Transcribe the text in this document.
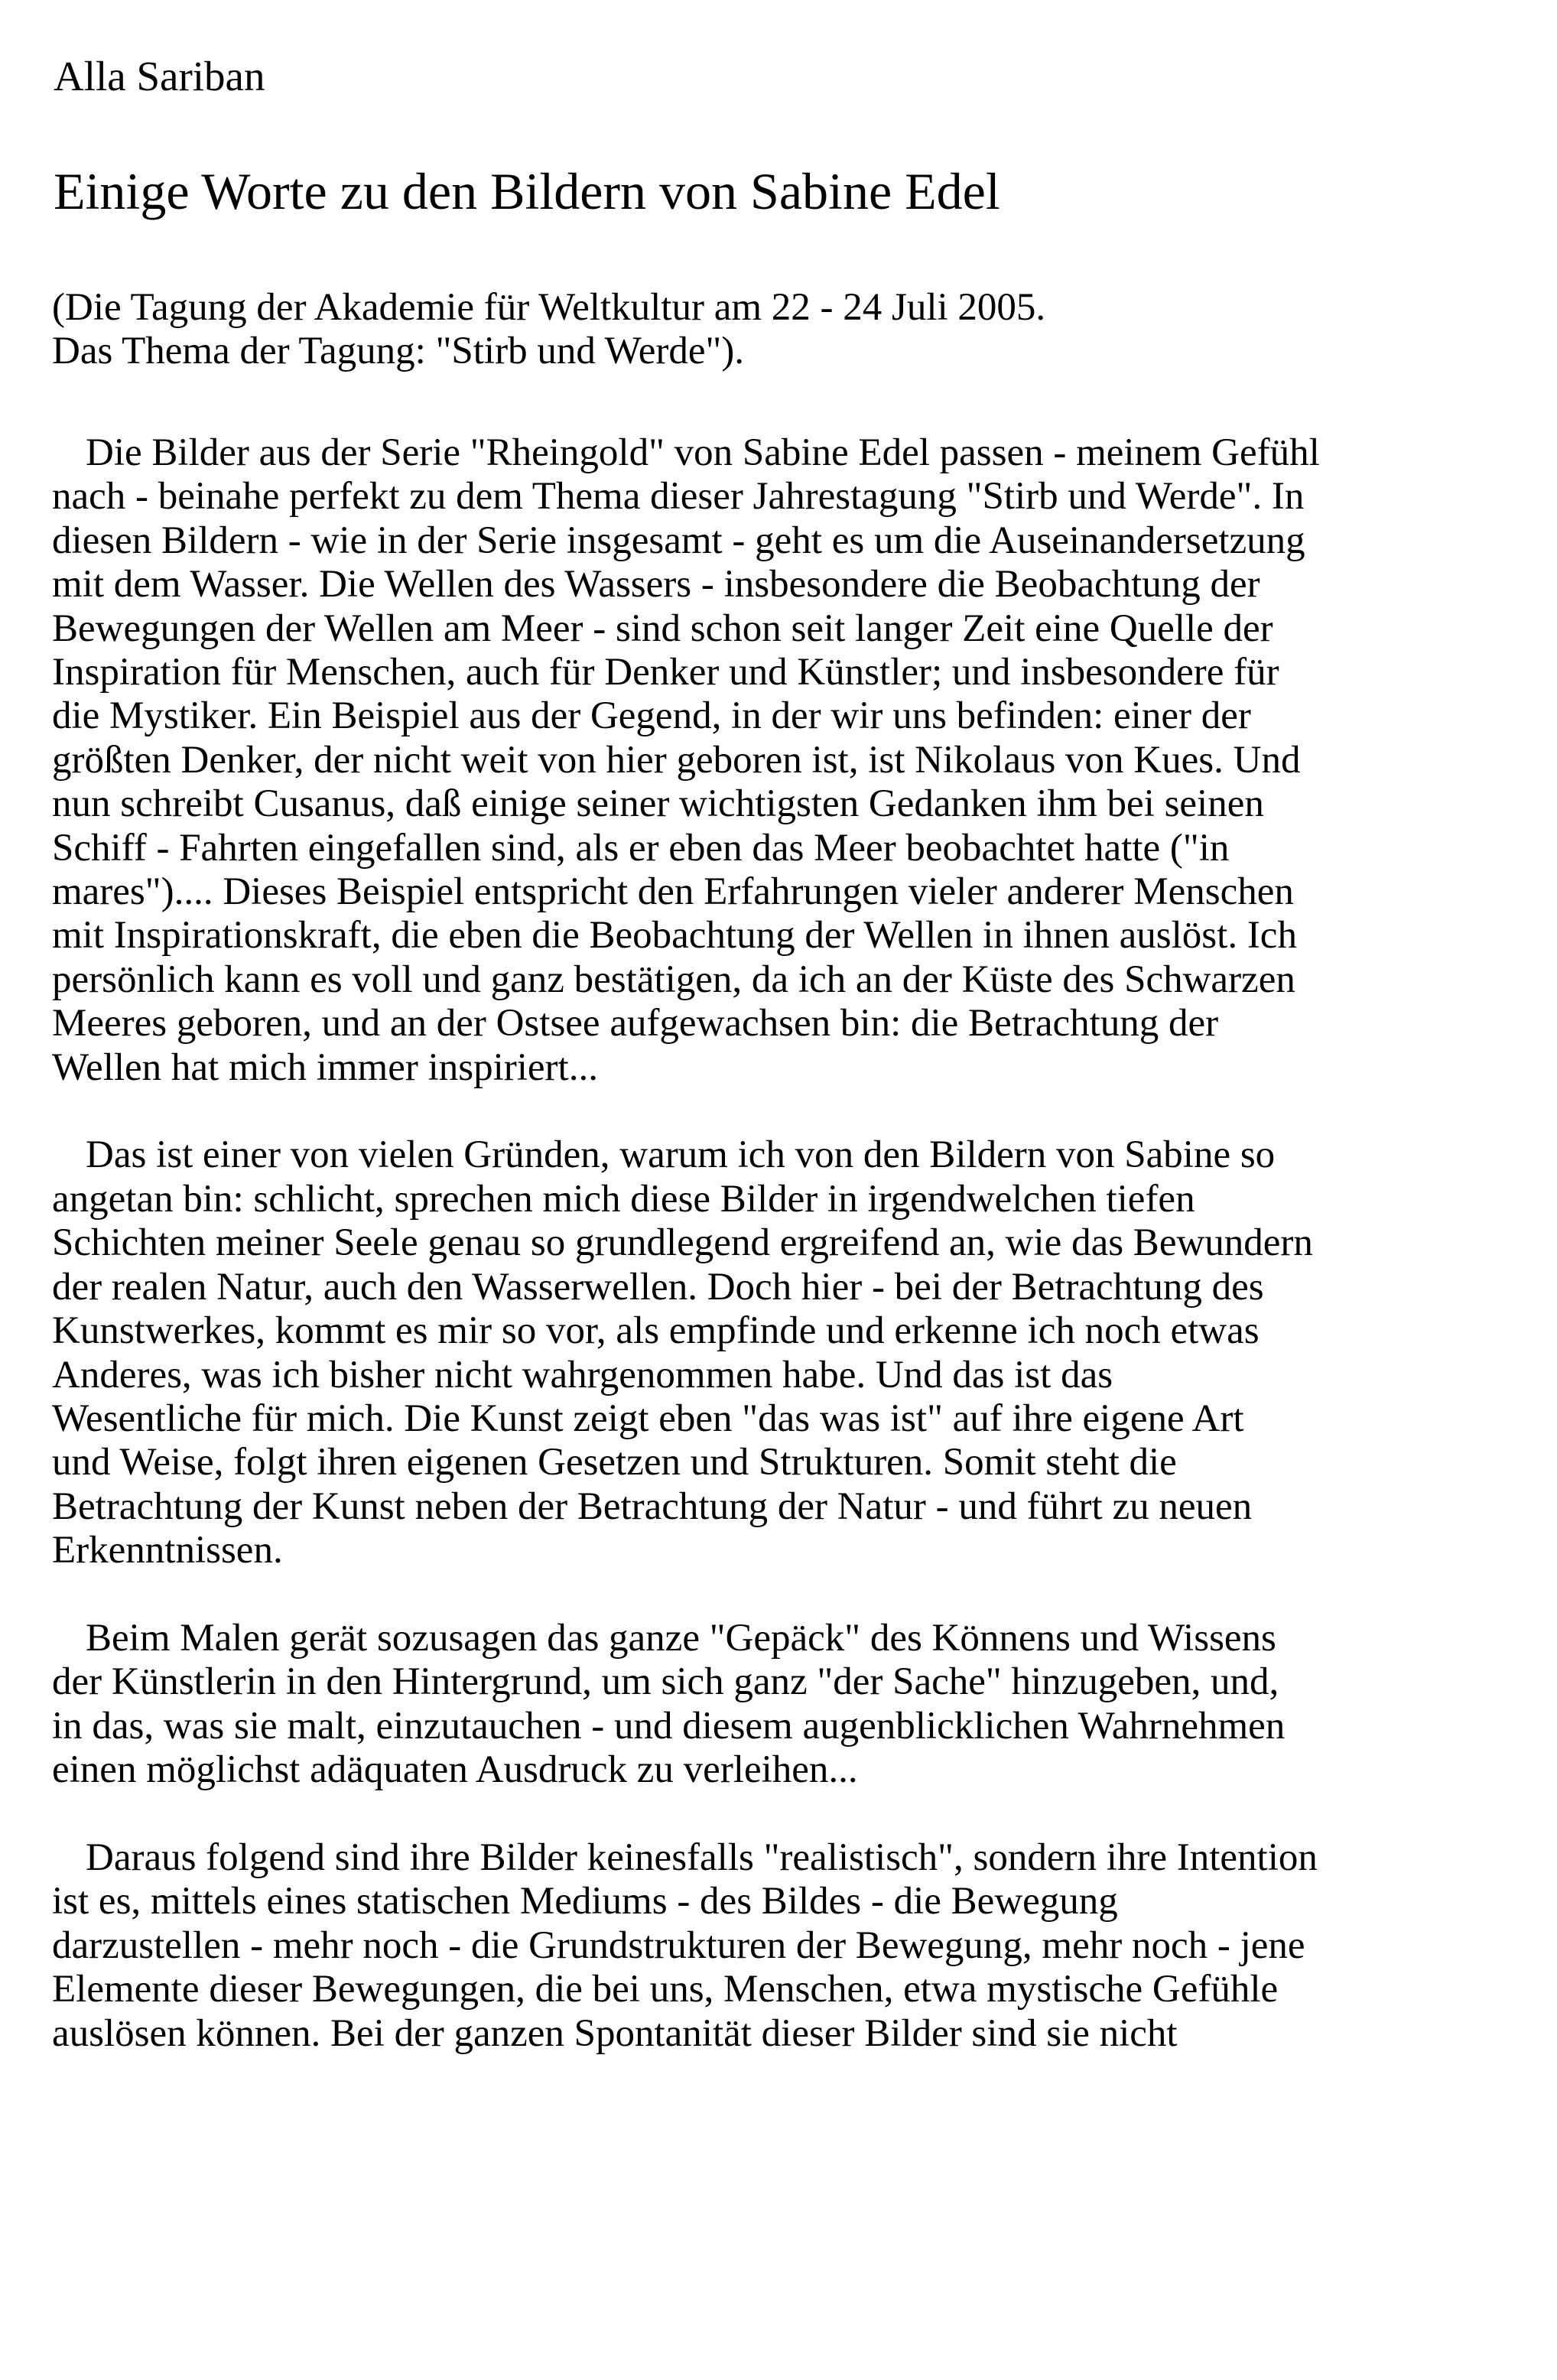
Alla Sariban
Einige Worte zu den Bildern von Sabine Edel
(Die Tagung der Akademie für Weltkultur am 22 - 24 Juli 2005.
Das Thema der Tagung: "Stirb und Werde").

Die Bilder aus der Serie "Rheingold" von Sabine Edel passen - meinem Gefühl
nach - beinahe perfekt zu dem Thema dieser Jahrestagung "Stirb und Werde". In
diesen Bildern - wie in der Serie insgesamt - geht es um die Auseinandersetzung
mit dem Wasser. Die Wellen des Wassers - insbesondere die Beobachtung der
Bewegungen der Wellen am Meer - sind schon seit langer Zeit eine Quelle der
Inspiration für Menschen, auch für Denker und Künstler; und insbesondere für
die Mystiker. Ein Beispiel aus der Gegend, in der wir uns befinden: einer der
größten Denker, der nicht weit von hier geboren ist, ist Nikolaus von Kues. Und
nun schreibt Cusanus, daß einige seiner wichtigsten Gedanken ihm bei seinen
Schiff - Fahrten eingefallen sind, als er eben das Meer beobachtet hatte ("in
mares").... Dieses Beispiel entspricht den Erfahrungen vieler anderer Menschen
mit Inspirationskraft, die eben die Beobachtung der Wellen in ihnen auslöst. Ich
persönlich kann es voll und ganz bestätigen, da ich an der Küste des Schwarzen
Meeres geboren, und an der Ostsee aufgewachsen bin: die Betrachtung der
Wellen hat mich immer inspiriert...

Das ist einer von vielen Gründen, warum ich von den Bildern von Sabine so
angetan bin: schlicht, sprechen mich diese Bilder in irgendwelchen tiefen
Schichten meiner Seele genau so grundlegend ergreifend an, wie das Bewundern
der realen Natur, auch den Wasserwellen. Doch hier - bei der Betrachtung des
Kunstwerkes, kommt es mir so vor, als empfinde und erkenne ich noch etwas
Anderes, was ich bisher nicht wahrgenommen habe. Und das ist das
Wesentliche für mich. Die Kunst zeigt eben "das was ist" auf ihre eigene Art
und Weise, folgt ihren eigenen Gesetzen und Strukturen. Somit steht die
Betrachtung der Kunst neben der Betrachtung der Natur - und führt zu neuen
Erkenntnissen.

Beim Malen gerät sozusagen das ganze "Gepäck" des Könnens und Wissens
der Künstlerin in den Hintergrund, um sich ganz "der Sache" hinzugeben, und,
in das, was sie malt, einzutauchen - und diesem augenblicklichen Wahrnehmen
einen möglichst adäquaten Ausdruck zu verleihen...

Daraus folgend sind ihre Bilder keinesfalls "realistisch", sondern ihre Intention
ist es, mittels eines statischen Mediums - des Bildes - die Bewegung
darzustellen - mehr noch - die Grundstrukturen der Bewegung, mehr noch - jene
Elemente dieser Bewegungen, die bei uns, Menschen, etwa mystische Gefühle
auslösen können. Bei der ganzen Spontanität dieser Bilder sind sie nicht
